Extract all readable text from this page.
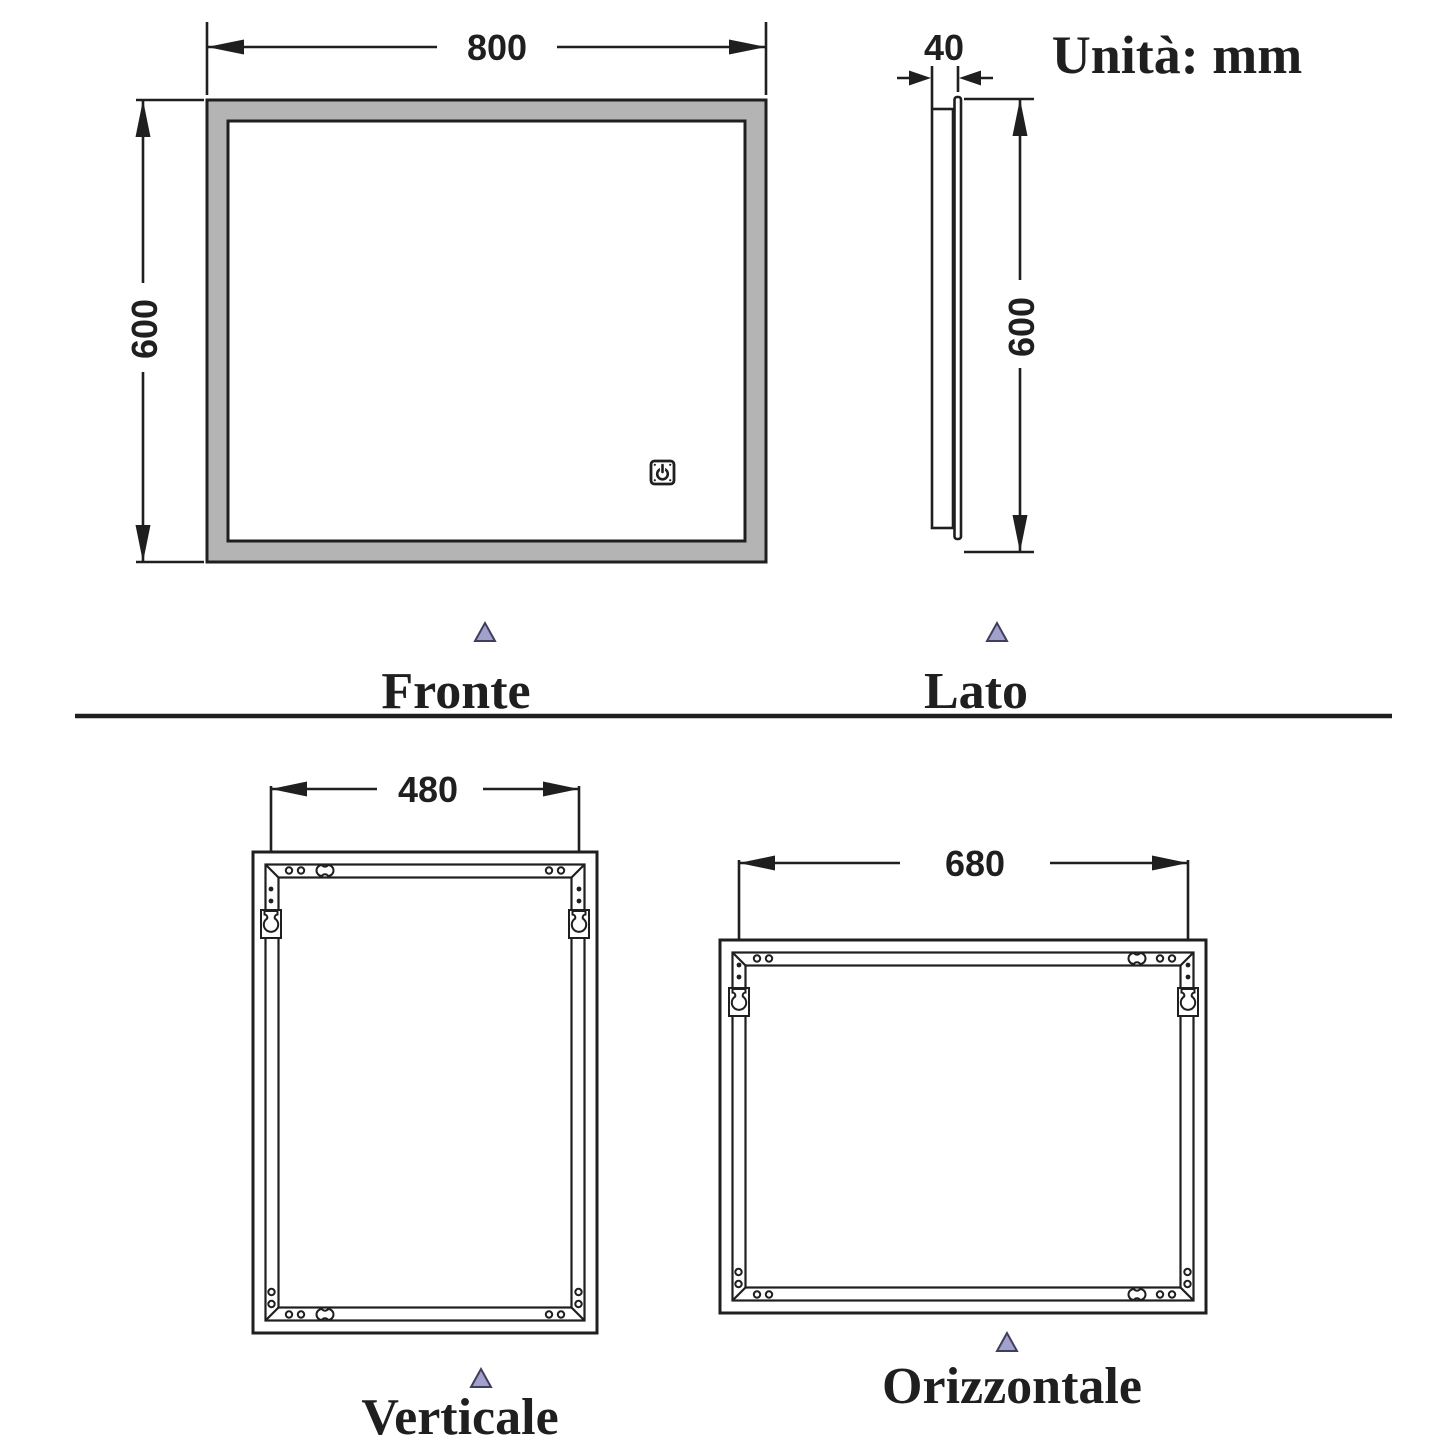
800
600
Fronte
40
600
Lato
Unità: mm
480
Verticale
680
Orizzontale
